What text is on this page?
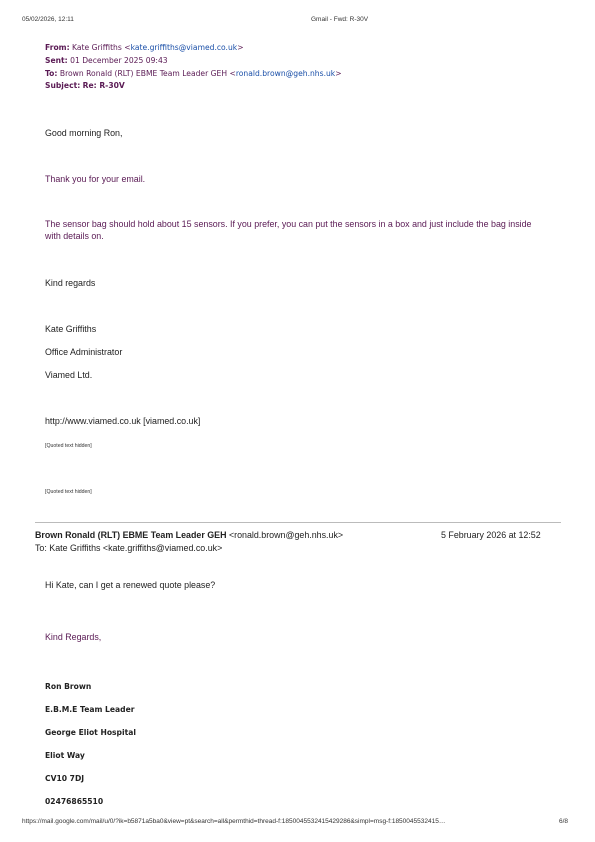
05/02/2026, 12:11	Gmail - Fwd: R-30V
From: Kate Griffiths <kate.griffiths@viamed.co.uk>
Sent: 01 December 2025 09:43
To: Brown Ronald (RLT) EBME Team Leader GEH <ronald.brown@geh.nhs.uk>
Subject: Re: R-30V
Good morning Ron,
Thank you for your email.
The sensor bag should hold about 15 sensors. If you prefer, you can put the sensors in a box and just include the bag inside with details on.
Kind regards
Kate Griffiths
Office Administrator
Viamed Ltd.
http://www.viamed.co.uk [viamed.co.uk]
[Quoted text hidden]
[Quoted text hidden]
Brown Ronald (RLT) EBME Team Leader GEH <ronald.brown@geh.nhs.uk>	5 February 2026 at 12:52
To: Kate Griffiths <kate.griffiths@viamed.co.uk>
Hi Kate, can I get a renewed quote please?
Kind Regards,
Ron Brown
E.B.M.E Team Leader
George Eliot Hospital
Eliot Way
CV10 7DJ
02476865510
https://mail.google.com/mail/u/0/?ik=b5871a5ba0&view=pt&search=all&permthid=thread-f:1850045532415429286&simpl=msg-f:1850045532415…	6/8
